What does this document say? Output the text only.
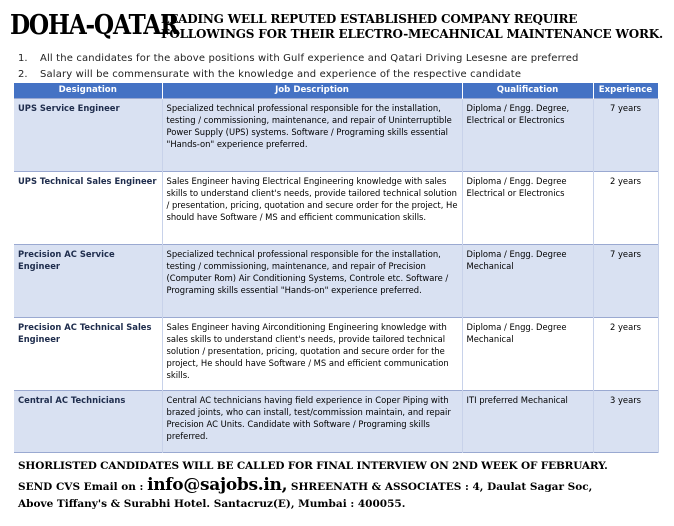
DOHA-QATAR
LEADING WELL REPUTED ESTABLISHED COMPANY REQUIRE FOLLOWINGS FOR THEIR ELECTRO-MECAHNICAL MAINTENANCE WORK.
1.	All the candidates for the above positions with Gulf experience and Qatari Driving Lesesne are preferred
2.	Salary will be commensurate with the knowledge and experience of the respective candidate
Designation	Job Description	Qualification	Experience
UPS Service Engineer	Specialized technical professional responsible for the installation, testing / commissioning, maintenance, and repair of Uninterruptible Power Supply (UPS) systems. Software / Programing skills essential "Hands-on" experience preferred.	Diploma / Engg. Degree, Electrical or Electronics	7 years
UPS Technical Sales Engineer	Sales Engineer having Electrical Engineering knowledge with sales skills to understand client's needs, provide tailored technical solution / presentation, pricing, quotation and secure order for the project, He should have Software / MS and efficient communication skills.	Diploma / Engg. Degree Electrical or Electronics	2 years
Precision AC Service Engineer	Specialized technical professional responsible for the installation, testing / commissioning, maintenance, and repair of Precision (Computer Rom) Air Conditioning Systems, Controle etc. Software / Programing skills essential "Hands-on" experience preferred.	Diploma / Engg. Degree Mechanical	7 years
Precision AC Technical Sales Engineer	Sales Engineer having Airconditioning Engineering knowledge with sales skills to understand client's needs, provide tailored technical solution / presentation, pricing, quotation and secure order for the project, He should have Software / MS and efficient communication skills.	Diploma / Engg. Degree Mechanical	2 years
Central AC Technicians	Central AC technicians having field experience in Coper Piping with brazed joints, who can install, test/commission maintain, and repair Precision AC Units. Candidate with Software / Programing skills preferred.	ITI preferred Mechanical	3 years
SHORLISTED CANDIDATES WILL BE CALLED FOR FINAL INTERVIEW ON 2ND WEEK OF FEBRUARY.
SEND CVS Email on : info@sajobs.in, SHREENATH & ASSOCIATES : 4, Daulat Sagar Soc,
Above Tiffany's & Surabhi Hotel. Santacruz(E), Mumbai : 400055.
